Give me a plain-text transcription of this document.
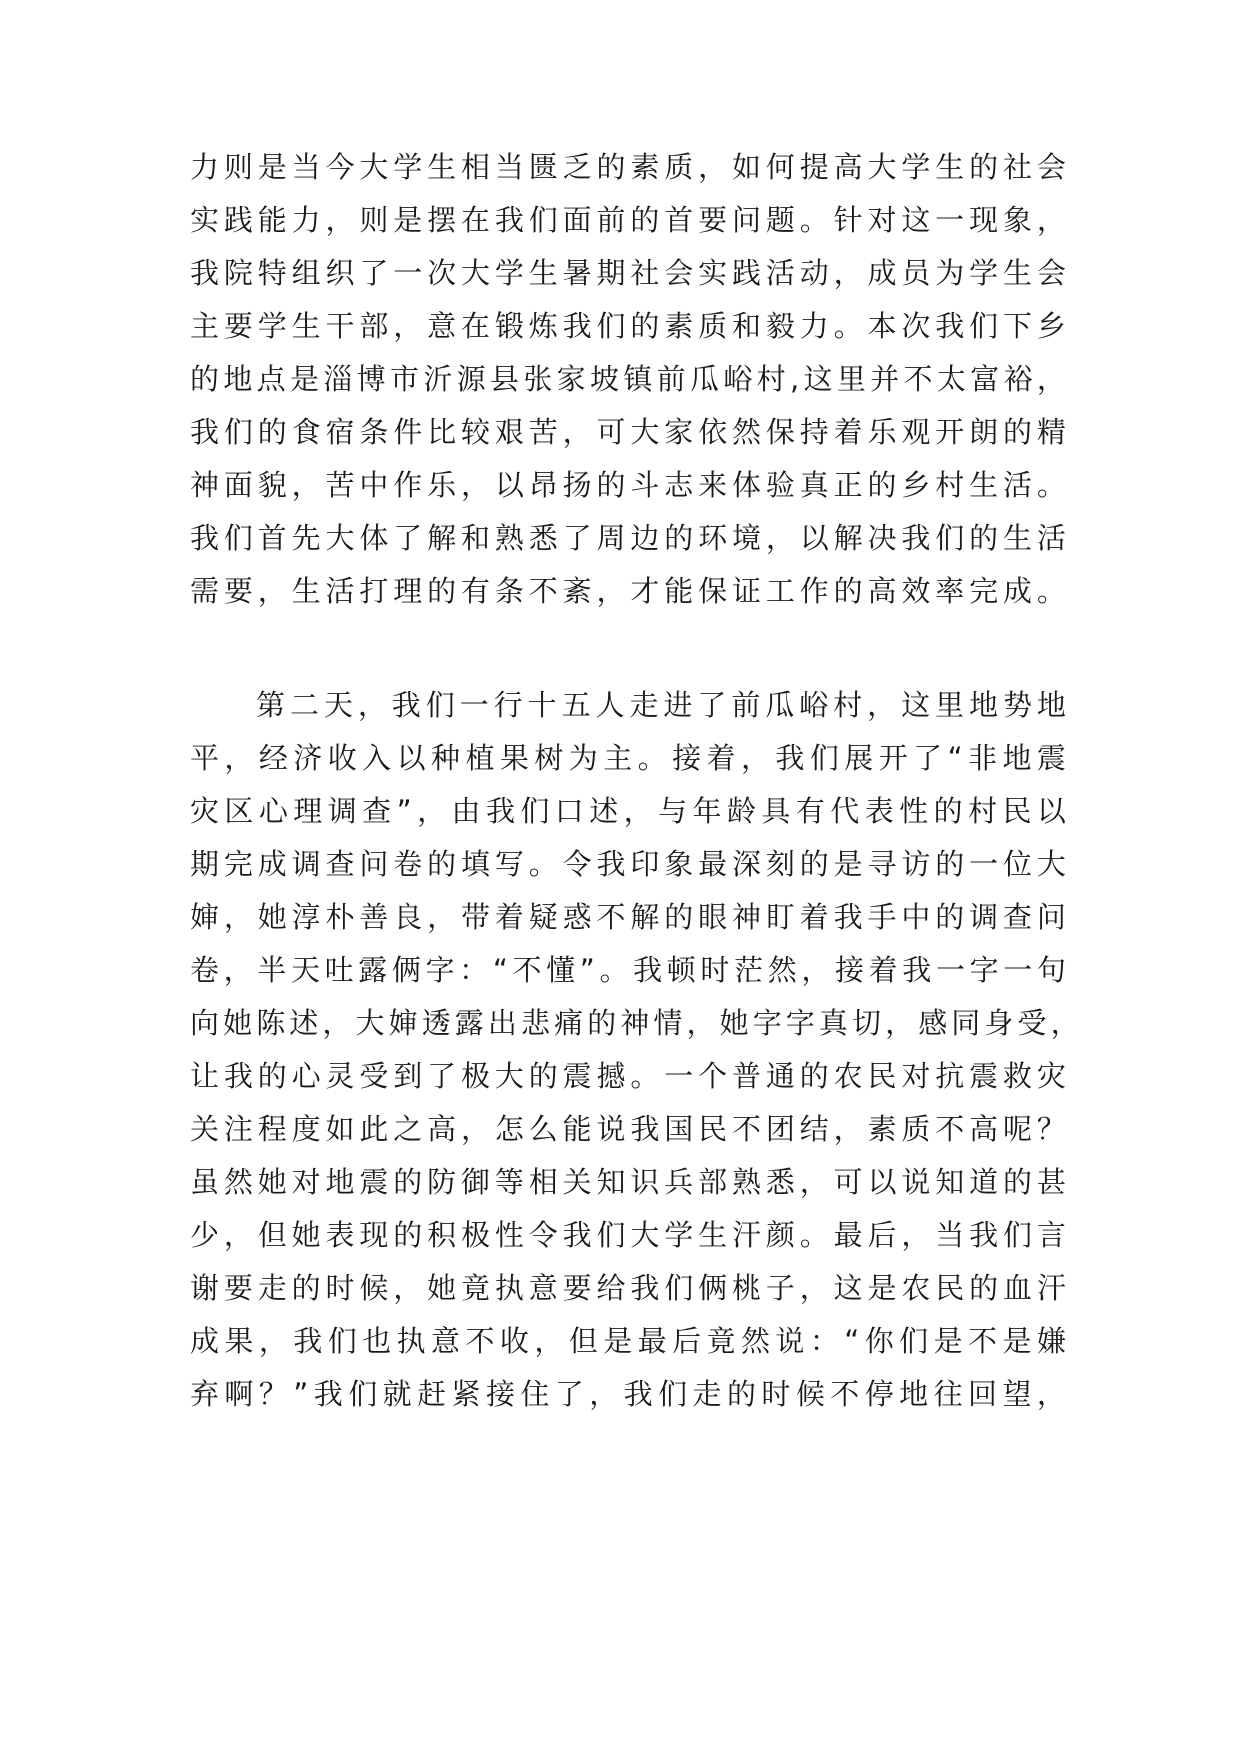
力则是当今大学生相当匮乏的素质，如何提高大学生的社会
实践能力，则是摆在我们面前的首要问题。针对这一现象，
我院特组织了一次大学生暑期社会实践活动，成员为学生会
主要学生干部，意在锻炼我们的素质和毅力。本次我们下乡
的地点是淄博市沂源县张家坡镇前瓜峪村,这里并不太富裕，
我们的食宿条件比较艰苦，可大家依然保持着乐观开朗的精
神面貌，苦中作乐，以昂扬的斗志来体验真正的乡村生活。
我们首先大体了解和熟悉了周边的环境，以解决我们的生活
需要，生活打理的有条不紊，才能保证工作的高效率完成。
第二天，我们一行十五人走进了前瓜峪村，这里地势地
平，经济收入以种植果树为主。接着，我们展开了“非地震
灾区心理调查”，由我们口述，与年龄具有代表性的村民以
期完成调查问卷的填写。令我印象最深刻的是寻访的一位大
婶，她淳朴善良，带着疑惑不解的眼神盯着我手中的调查问
卷，半天吐露俩字：“不懂”。我顿时茫然，接着我一字一句
向她陈述，大婶透露出悲痛的神情，她字字真切，感同身受，
让我的心灵受到了极大的震撼。一个普通的农民对抗震救灾
关注程度如此之高，怎么能说我国民不团结，素质不高呢？
虽然她对地震的防御等相关知识兵部熟悉，可以说知道的甚
少，但她表现的积极性令我们大学生汗颜。最后，当我们言
谢要走的时候，她竟执意要给我们俩桃子，这是农民的血汗
成果，我们也执意不收，但是最后竟然说：“你们是不是嫌
弃啊？”我们就赶紧接住了，我们走的时候不停地往回望，
